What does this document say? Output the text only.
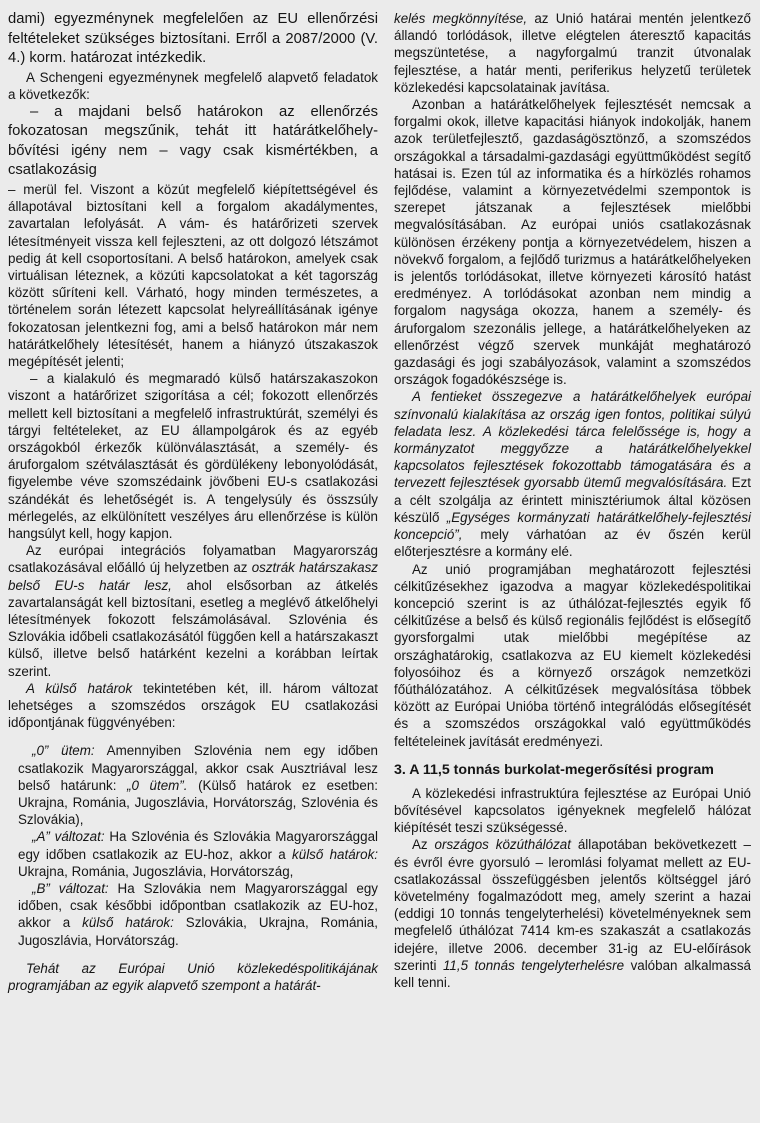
dami) egyezménynek megfelelően az EU ellenőrzési feltételeket szükséges biztosítani. Erről a 2087/2000 (V. 4.) korm. határozat intézkedik.

A Schengeni egyezménynek megfelelő alapvető feladatok a következők:

– a majdani belső határokon az ellenőrzés fokozatosan megszűnik, tehát itt határátkelőhely-bővítési igény nem – vagy csak kismértékben, a csatlakozásig

– merül fel. Viszont a közút megfelelő kiépítettségével és állapotával biztosítani kell a forgalom akadálymentes, zavartalan lefolyását. A vám- és határőrizeti szervek létesítményeit vissza kell fejleszteni, az ott dolgozó létszámot pedig át kell csoportosítani. A belső határokon, amelyek csak virtuálisan léteznek, a közúti kapcsolatokat a két tagország között sűríteni kell. Várható, hogy minden természetes, a történelem során létezett kapcsolat helyreállításának igénye fokozatosan jelentkezni fog, ami a belső határokon már nem határátkelőhely létesítését, hanem a hiányzó útszakaszok megépítését jelenti;

– a kialakuló és megmaradó külső határszakaszokon viszont a határőrizet szigorítása a cél; fokozott ellenőrzés mellett kell biztosítani a megfelelő infrastruktúrát, személyi és tárgyi feltételeket, az EU állampolgárok és az egyéb országokból érkezők különválasztását, a személy- és áruforgalom szétválasztását és gördülékeny lebonyolódását, figyelembe véve szomszédaink jövőbeni EU-s csatlakozási szándékát és lehetőségét is. A tengelysúly és összsúly mérlegelés, az elkülönített veszélyes áru ellenőrzése is külön hangsúlyt kell, hogy kapjon.

Az európai integrációs folyamatban Magyarország csatlakozásával előálló új helyzetben az osztrák határszakasz belső EU-s határ lesz, ahol elsősorban az átkelés zavartalanságát kell biztosítani, esetleg a meglévő átkelőhelyi létesítmények fokozott felszámolásával. Szlovénia és Szlovákia időbeli csatlakozásától függően kell a határszakaszt külső, illetve belső határként kezelni a korábban leírtak szerint.

A külső határok tekintetében két, ill. három változat lehetséges a szomszédos országok EU csatlakozási időpontjának függvényében:

„0” ütem: Amennyiben Szlovénia nem egy időben csatlakozik Magyarországgal, akkor csak Ausztriával lesz belső határunk: „0 ütem”. (Külső határok ez esetben: Ukrajna, Románia, Jugoszlávia, Horvátország, Szlovénia és Szlovákia),

„A” változat: Ha Szlovénia és Szlovákia Magyarországgal egy időben csatlakozik az EU-hoz, akkor a külső határok: Ukrajna, Románia, Jugoszlávia, Horvátország,

„B” változat: Ha Szlovákia nem Magyarországgal egy időben, csak későbbi időpontban csatlakozik az EU-hoz, akkor a külső határok: Szlovákia, Ukrajna, Románia, Jugoszlávia, Horvátország.

Tehát az Európai Unió közlekedéspolitikájának programjában az egyik alapvető szempont a határát-

kelés megkönnyítése, az Unió határai mentén jelentkező állandó torlódások, illetve elégtelen áteresztő kapacitás megszüntetése, a nagyforgalmú tranzit útvonalak fejlesztése, a határ menti, periferikus helyzetű területek közlekedési kapcsolatainak javítása.

Azonban a határátkelőhelyek fejlesztését nemcsak a forgalmi okok, illetve kapacitási hiányok indokolják, hanem azok területfejlesztő, gazdaságösztönző, a szomszédos országokkal a társadalmi-gazdasági együttműködést segítő hatásai is. Ezen túl az informatika és a hírközlés rohamos fejlődése, valamint a környezetvédelmi szempontok is szerepet játszanak a fejlesztések mielőbbi megvalósításában. Az európai uniós csatlakozásnak különösen érzékeny pontja a környezetvédelem, hiszen a növekvő forgalom, a fejlődő turizmus a határátkelőhelyeken is jelentős torlódásokat, illetve környezeti károsító hatást eredményez. A torlódásokat azonban nem mindig a forgalom nagysága okozza, hanem a személy- és áruforgalom szezonális jellege, a határátkelőhelyeken az ellenőrzést végző szervek munkáját meghatározó gazdasági és jogi szabályozások, valamint a szomszédos országok fogadókészsége is.

A fentieket összegezve a határátkelőhelyek európai színvonalú kialakítása az ország igen fontos, politikai súlyú feladata lesz. A közlekedési tárca felelőssége is, hogy a kormányzatot meggyőzze a határátkelőhelyekkel kapcsolatos fejlesztések fokozottabb támogatására és a tervezett fejlesztések gyorsabb ütemű megvalósítására. Ezt a célt szolgálja az érintett minisztériumok által közösen készülő „Egységes kormányzati határátkelőhely-fejlesztési koncepció”, mely várhatóan az év őszén kerül előterjesztésre a kormány elé.

Az unió programjában meghatározott fejlesztési célkitűzésekhez igazodva a magyar közlekedéspolitikai koncepció szerint is az úthálózat-fejlesztés egyik fő célkitűzése a belső és külső regionális fejlődést is elősegítő gyorsforgalmi utak mielőbbi megépítése az országhatárokig, csatlakozva az EU kiemelt közlekedési folyosóihoz és a környező országok nemzetközi főúthálózatához. A célkitűzések megvalósítása többek között az Európai Unióba történő integrálódás elősegítését és a szomszédos országokkal való együttműködés feltételeinek javítását eredményezi.

3. A 11,5 tonnás burkolat-megerősítési program

A közlekedési infrastruktúra fejlesztése az Európai Unió bővítésével kapcsolatos igényeknek megfelelő hálózat kiépítését teszi szükségessé.

Az országos közúthálózat állapotában bekövetkezett – és évről évre gyorsuló – leromlási folyamat mellett az EU-csatlakozással összefüggésben jelentős költséggel járó követelmény fogalmazódott meg, amely szerint a hazai (eddigi 10 tonnás tengelyterhelési) követelményeknek sem megfelelő úthálózat 7414 km-es szakaszát a csatlakozás idejére, illetve 2006. december 31-ig az EU-előírások szerinti 11,5 tonnás tengelyterhelésre valóban alkalmassá kell tenni.
